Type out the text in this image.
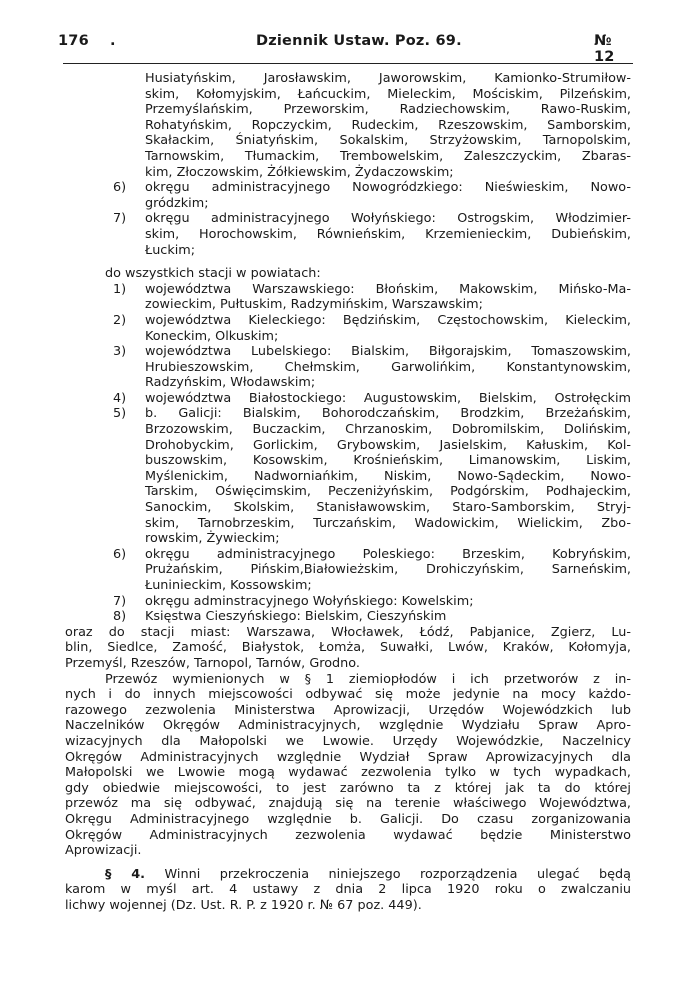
176 .	Dziennik Ustaw. Poz. 69.	№ 12
Husiatyńskim, Jarosławskim, Jaworowskim, Kamionko-Strumiłow-
skim, Kołomyjskim, Łańcuckim, Mieleckim, Mościskim, Pilzeńskim,
Przemyślańskim, Przeworskim, Radziechowskim, Rawo-Ruskim,
Rohatyńskim, Ropczyckim, Rudeckim, Rzeszowskim, Samborskim,
Skałackim, Śniatyńskim, Sokalskim, Strzyżowskim, Tarnopolskim,
Tarnowskim, Tłumackim, Trembowelskim, Zaleszczyckim, Zbaras-
kim, Złoczowskim, Żółkiewskim, Żydaczowskim;
6) okręgu administracyjnego Nowogródzkiego: Nieświeskim, Nowo-
gródzkim;
7) okręgu administracyjnego Wołyńskiego: Ostrogskim, Włodzimier-
skim, Horochowskim, Równieńskim, Krzemienieckim, Dubieńskim,
Łuckim;
do wszystkich stacji w powiatach:
1) województwa Warszawskiego: Błońskim, Makowskim, Mińsko-Ma-
zowieckim, Pułtuskim, Radzymińskim, Warszawskim;
2) województwa Kieleckiego: Będzińskim, Częstochowskim, Kieleckim,
Koneckim, Olkuskim;
3) województwa Lubelskiego: Bialskim, Biłgorajskim, Tomaszowskim,
Hrubieszowskim, Chełmskim, Garwolińkim, Konstantynowskim,
Radzyńskim, Włodawskim;
4) województwa Białostockiego: Augustowskim, Bielskim, Ostrołęckim
5) b. Galicji: Bialskim, Bohorodczańskim, Brodzkim, Brzeżańskim,
Brzozowskim, Buczackim, Chrzanoskim, Dobromilskim, Dolińskim,
Drohobyckim, Gorlickim, Grybowskim, Jasielskim, Kałuskim, Kol-
buszowskim, Kosowskim, Krośnieńskim, Limanowskim, Liskim,
Myślenickim, Nadworniańkim, Niskim, Nowo-Sądeckim, Nowo-
Tarskim, Oświęcimskim, Peczeniżyńskim, Podgórskim, Podhajeckim,
Sanockim, Skolskim, Stanisławowskim, Staro-Samborskim, Stryj-
skim, Tarnobrzeskim, Turczańskim, Wadowickim, Wielickim, Zbo-
rowskim, Żywieckim;
6) okręgu administracyjnego Poleskiego: Brzeskim, Kobryńskim,
Prużańskim, Pińskim,Białowieżskim, Drohiczyńskim, Sarneńskim,
Łuninieckim, Kossowskim;
7) okręgu adminstracyjnego Wołyńskiego: Kowelskim;
8) Księstwa Cieszyńskiego: Bielskim, Cieszyńskim
oraz do stacji miast: Warszawa, Włocławek, Łódź, Pabjanice, Zgierz, Lu-
blin, Siedlce, Zamość, Białystok, Łomża, Suwałki, Lwów, Kraków, Kołomyja,
Przemyśl, Rzeszów, Tarnopol, Tarnów, Grodno.
Przewóz wymienionych w § 1 ziemiopłodów i ich przetworów z in-
nych i do innych miejscowości odbywać się może jedynie na mocy każdo-
razowego zezwolenia Ministerstwa Aprowizacji, Urzędów Wojewódzkich lub
Naczelników Okręgów Administracyjnych, względnie Wydziału Spraw Apro-
wizacyjnych dla Małopolski we Lwowie. Urzędy Wojewódzkie, Naczelnicy
Okręgów Administracyjnych względnie Wydział Spraw Aprowizacyjnych dla
Małopolski we Lwowie mogą wydawać zezwolenia tylko w tych wypadkach,
gdy obiedwie miejscowości, to jest zarówno ta z której jak ta do której
przewóz ma się odbywać, znajdują się na terenie właściwego Województwa,
Okręgu Administracyjnego względnie b. Galicji. Do czasu zorganizowania
Okręgów Administracyjnych zezwolenia wydawać będzie Ministerstwo
Aprowizacji.
§ 4. Winni przekroczenia niniejszego rozporządzenia ulegać będą
karom w myśl art. 4 ustawy z dnia 2 lipca 1920 roku o zwalczaniu
lichwy wojennej (Dz. Ust. R. P. z 1920 r. № 67 poz. 449).
